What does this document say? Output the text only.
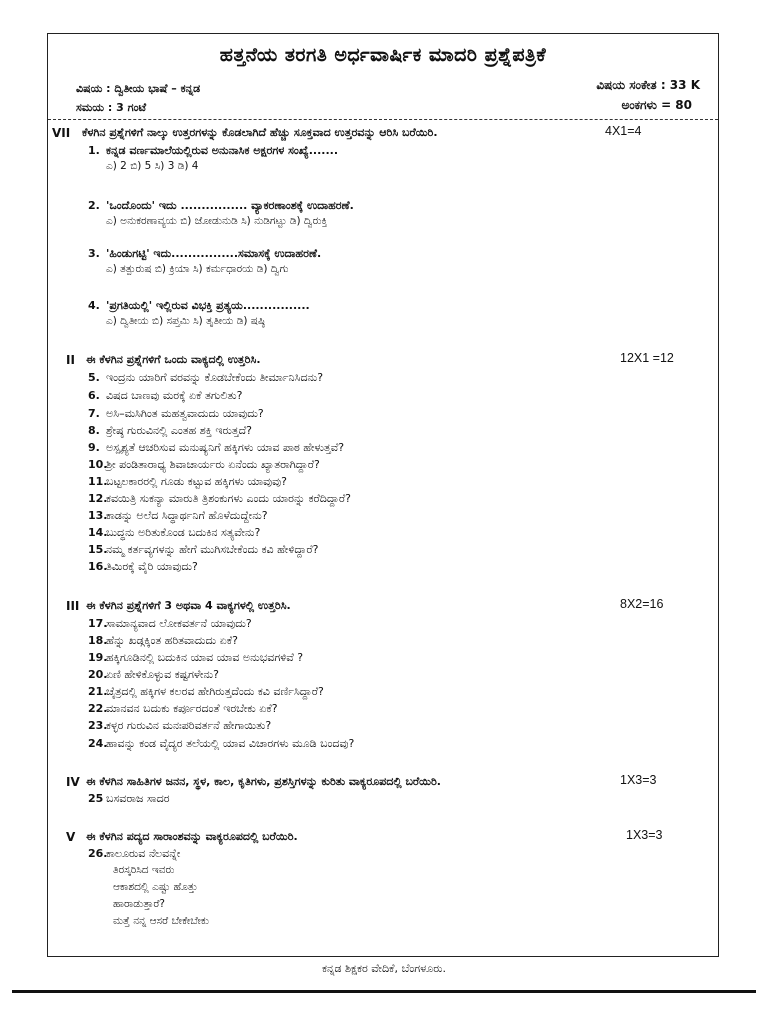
ಹತ್ತನೆಯ ತರಗತಿ ಅರ್ಧವಾರ್ಷಿಕ ಮಾದರಿ ಪ್ರಶ್ನೆಪತ್ರಿಕೆ
ವಿಷಯ : ದ್ವಿತೀಯ ಭಾಷೆ – ಕನ್ನಡ
ಸಮಯ : 3 ಗಂಟೆ
ವಿಷಯ ಸಂಕೇತ : 33 K
ಅಂಕಗಳು = 80
VII ಕೆಳಗಿನ ಪ್ರಶ್ನೆಗಳಿಗೆ ನಾಲ್ಕು ಉತ್ತರಗಳನ್ನು ಕೊಡಲಾಗಿದೆ ಹೆಚ್ಚು ಸೂಕ್ತವಾದ ಉತ್ತರವನ್ನು ಆರಿಸಿ ಬರೆಯಿರಿ.	4X1=4
1. ಕನ್ನಡ ವರ್ಣಮಾಲೆಯಲ್ಲಿರುವ ಅನುನಾಸಿಕ ಅಕ್ಷರಗಳ ಸಂಖ್ಯೆ.......
ಎ) 2 ಬಿ) 5 ಸಿ) 3 ಡಿ) 4
2. 'ಒಂದೊಂದು' ಇದು ................ ವ್ಯಾಕರಣಾಂಶಕ್ಕೆ ಉದಾಹರಣೆ.
ಎ) ಅನುಕರಣಾವ್ಯಯ ಬಿ) ಜೋಡುನುಡಿ ಸಿ) ನುಡಿಗಟ್ಟು ಡಿ) ದ್ವಿರುಕ್ತಿ
3. 'ಹಿಂಡುಗಟ್ಟಿ' ಇದು................ಸಮಾಸಕ್ಕೆ ಉದಾಹರಣೆ.
ಎ) ತತ್ಪುರುಷ ಬಿ) ಕ್ರಿಯಾ ಸಿ) ಕರ್ಮಧಾರಯ ಡಿ) ದ್ವಿಗು
4. 'ಪ್ರಗತಿಯಲ್ಲಿ' ಇಲ್ಲಿರುವ ವಿಭಕ್ತಿ ಪ್ರತ್ಯಯ................
ಎ) ದ್ವಿತೀಯ ಬಿ) ಸಪ್ತಮಿ ಸಿ) ತೃತೀಯ ಡಿ) ಷಷ್ಠಿ
II ಈ ಕೆಳಗಿನ ಪ್ರಶ್ನೆಗಳಿಗೆ ಒಂದು ವಾಕ್ಯದಲ್ಲಿ ಉತ್ತರಿಸಿ.	12X1 =12
5. ಇಂದ್ರನು ಯಾರಿಗೆ ವರವನ್ನು ಕೊಡಬೇಕೆಂದು ತೀರ್ಮಾನಿಸಿದನು?
6. ವಿಷದ ಬಾಣವು ಮರಕ್ಕೆ ಏಕೆ ತಗುಲಿತು?
7. ಅಸಿ–ಮಸಿಗಿಂತ ಮಹತ್ವವಾದುದು ಯಾವುದು?
8. ಶ್ರೇಷ್ಠ ಗುರುವಿನಲ್ಲಿ ಎಂತಹ ಶಕ್ತಿ ಇರುತ್ತದೆ?
9. ಅಸ್ಪೃಶ್ಯತೆ ಆಚರಿಸುವ ಮನುಷ್ಯನಿಗೆ ಹಕ್ಕಿಗಳು ಯಾವ ಪಾಠ ಹೇಳುತ್ತವೆ?
10.ಶ್ರೀ ಪಂಡಿತಾರಾಧ್ಯ ಶಿವಾಚಾರ್ಯರು ಏನೆಂದು ಖ್ಯಾತರಾಗಿದ್ದಾರೆ?
11.ಬಟ್ಟಲಕಾರರಲ್ಲಿ ಗೂಡು ಕಟ್ಟುವ ಹಕ್ಕಿಗಳು ಯಾವುವು?
12.ಕವಯಿತ್ರಿ ಸುಕನ್ಯಾ ಮಾರುತಿ ತ್ರಿಶಂಕುಗಳು ಎಂದು ಯಾರನ್ನು ಕರೆದಿದ್ದಾರೆ?
13.ಕಾಡನ್ನು ಅಲೆದ ಸಿದ್ಧಾರ್ಥನಿಗೆ ಹೊಳೆದುದ್ದೇನು?
14.ಬುದ್ಧನು ಅರಿತುಕೊಂಡ ಬದುಕಿನ ಸತ್ಯವೇನು?
15.ನಮ್ಮ ಕರ್ತವ್ಯಗಳನ್ನು ಹೇಗೆ ಮುಗಿಸಬೇಕೆಂದು ಕವಿ ಹೇಳಿದ್ದಾರೆ?
16.ತಿಮಿರಕ್ಕೆ ವೈರಿ ಯಾವುದು?
III ಈ ಕೆಳಗಿನ ಪ್ರಶ್ನೆಗಳಿಗೆ 3 ಅಥವಾ 4 ವಾಕ್ಯಗಳಲ್ಲಿ ಉತ್ತರಿಸಿ.	8X2=16
17.ಸಾಮಾನ್ಯವಾದ ಲೋಕವರ್ತನೆ ಯಾವುದು?
18.ಹೆನ್ನು ಖಡ್ಗಕ್ಕಿಂತ ಹರಿತವಾದುದು ಏಕೆ?
19.ಹಕ್ಕಿಗೂಡಿನಲ್ಲಿ ಬದುಕಿನ ಯಾವ ಯಾವ ಅನುಭವಗಳಿವೆ ?
20.ಏಣಿ ಹೇಳಿಕೊಳ್ಳುವ ಕಷ್ಟಗಳೇನು?
21.ಚೈತ್ರದಲ್ಲಿ ಹಕ್ಕಿಗಳ ಕಲರವ ಹೇಗಿರುತ್ತದೆಂದು ಕವಿ ವರ್ಣಿಸಿದ್ದಾರೆ?
22.ಮಾನವನ ಬದುಕು ಕರ್ಪೂರದಂತೆ ಇರಬೇಕು ಏಕೆ?
23.ಕಳ್ಳರ ಗುರುವಿನ ಮನಃಪರಿವರ್ತನೆ ಹೇಗಾಯಿತು?
24.ಹಾವನ್ನು ಕಂಡ ವೈದ್ಯರ ತಲೆಯಲ್ಲಿ ಯಾವ ವಿಚಾರಗಳು ಮೂಡಿ ಬಂದವು?
IV ಈ ಕೆಳಗಿನ ಸಾಹಿತಿಗಳ ಜನನ, ಸ್ಥಳ, ಕಾಲ, ಕೃತಿಗಳು, ಪ್ರಶಸ್ತಿಗಳನ್ನು ಕುರಿತು ವಾಕ್ಯರೂಪದಲ್ಲಿ ಬರೆಯಿರಿ.	1X3=3
25 ಬಸವರಾಜ ಸಾದರ
V ಈ ಕೆಳಗಿನ ಪದ್ಯದ ಸಾರಾಂಶವನ್ನು ವಾಕ್ಯರೂಪದಲ್ಲಿ ಬರೆಯಿರಿ.	1X3=3
26.ಕಾಲೂರುವ ನೆಲವನ್ನೇ
ತಿರಸ್ಕರಿಸಿದ ಇವರು
ಆಕಾಶದಲ್ಲಿ ಎಷ್ಟು ಹೊತ್ತು
ಹಾರಾಡುತ್ತಾರೆ?
ಮತ್ತೆ ನನ್ನ ಆಸರೆ ಬೇಕೇಬೇಕು
ಕನ್ನಡ ಶಿಕ್ಷಕರ ವೇದಿಕೆ, ಬೆಂಗಳೂರು.
